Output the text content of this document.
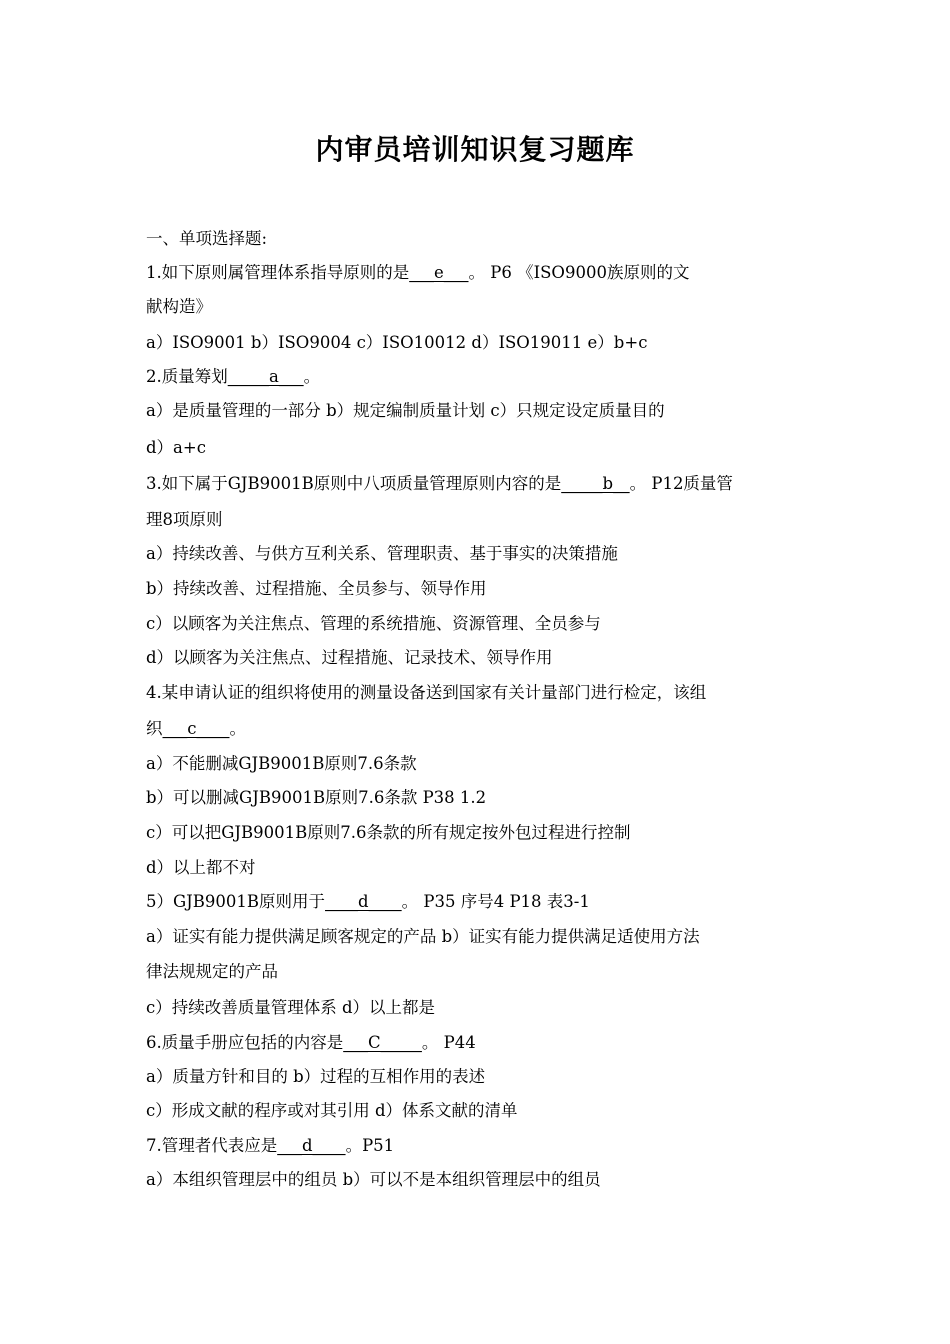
内审员培训知识复习题库
一、单项选择题:
1.如下原则属管理体系指导原则的是___e___。 P6 《ISO9000族原则的文
献构造》
a）ISO9001 b）ISO9004 c）ISO10012 d）ISO19011 e）b+c
2.质量筹划_____a___。
a）是质量管理的一部分 b）规定编制质量计划 c）只规定设定质量目的
d）a+c
3.如下属于GJB9001B原则中八项质量管理原则内容的是_____b__。 P12质量管
理8项原则
a）持续改善、与供方互利关系、管理职责、基于事实的决策措施
b）持续改善、过程措施、全员参与、领导作用
c）以顾客为关注焦点、管理的系统措施、资源管理、全员参与
d）以顾客为关注焦点、过程措施、记录技术、领导作用
4.某申请认证的组织将使用的测量设备送到国家有关计量部门进行检定，该组
织___c____。
a）不能删减GJB9001B原则7.6条款
b）可以删减GJB9001B原则7.6条款 P38 1.2
c）可以把GJB9001B原则7.6条款的所有规定按外包过程进行控制
d）以上都不对
5）GJB9001B原则用于____d____。 P35 序号4 P18 表3-1
a）证实有能力提供满足顾客规定的产品 b）证实有能力提供满足适使用方法
律法规规定的产品
c）持续改善质量管理体系 d）以上都是
6.质量手册应包括的内容是___C_____。 P44
a）质量方针和目的 b）过程的互相作用的表述
c）形成文献的程序或对其引用 d）体系文献的清单
7.管理者代表应是___d____。P51
a）本组织管理层中的组员 b）可以不是本组织管理层中的组员
